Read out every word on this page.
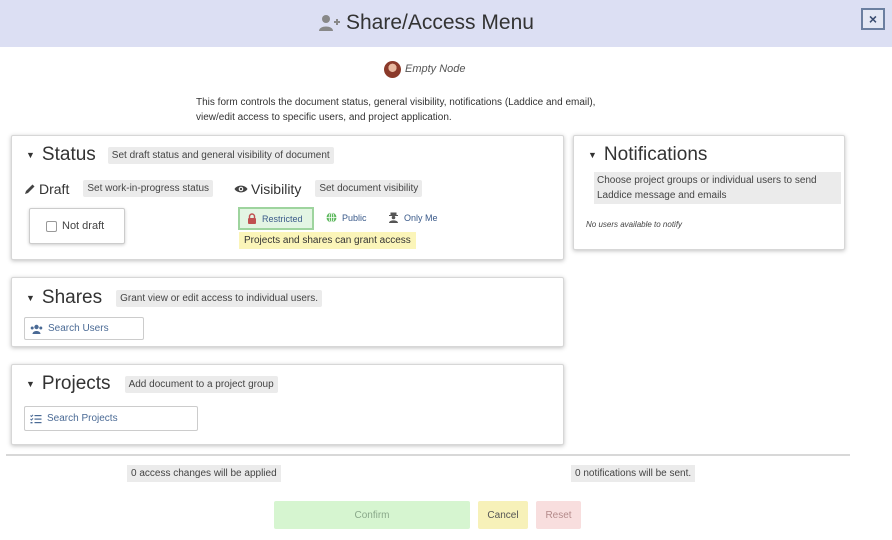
Share/Access Menu	×
Empty Node
This form controls the document status, general visibility, notifications (Laddice and email), view/edit access to specific users, and project application.
▼ Status	Set draft status and general visibility of document
Draft	Set work-in-progress status
Not draft
Visibility	Set document visibility
Restricted	Public	Only Me
Projects and shares can grant access
▼ Shares	Grant view or edit access to individual users.
Search Users
▼ Projects	Add document to a project group
Search Projects
▼ Notifications
Choose project groups or individual users to send Laddice message and emails
No users available to notify
0 access changes will be applied	0 notifications will be sent.
Confirm	Cancel	Reset
